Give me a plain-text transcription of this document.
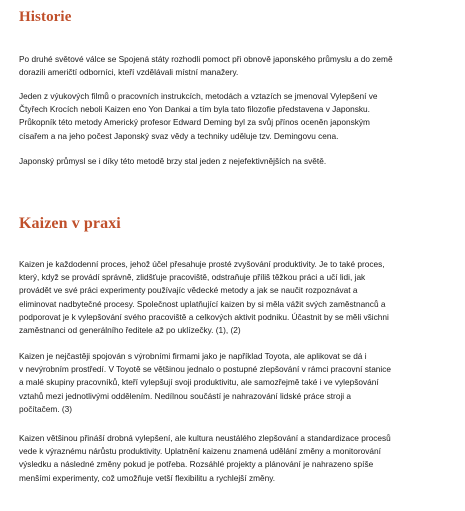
Historie

Po druhé světové válce se Spojená státy rozhodli pomoct při obnově japonského průmyslu a do země
dorazili američtí odborníci, kteří vzdělávali místní manažery.

Jeden z výukových filmů o pracovních instrukcích, metodách a vztazích se jmenoval Vylepšení ve
Čtyřech Krocích neboli Kaizen eno Yon Dankai a tím byla tato filozofie představena v Japonsku.
Průkopník této metody Americký profesor Edward Deming byl za svůj přínos oceněn japonským
císařem a na jeho počest Japonský svaz vědy a techniky uděluje tzv. Demingovu cena.

Japonský průmysl se i díky této metodě brzy stal jeden z nejefektivnějších na světě.

Kaizen v praxi

Kaizen je každodenní proces, jehož účel přesahuje prosté zvyšování produktivity. Je to také proces,
který, když se provádí správně, zlidšťuje pracoviště, odstraňuje příliš těžkou práci a učí lidi, jak
provádět ve své práci experimenty používajíc vědecké metody a jak se naučit rozpoznávat a
eliminovat nadbytečné procesy. Společnost uplatňující kaizen by si měla vážit svých zaměstnanců a
podporovat je k vylepšování svého pracoviště a celkových aktivit podniku. Účastnit by se měli všichni
zaměstnanci od generálního ředitele až po uklízečky. (1), (2)

Kaizen je nejčastěji spojován s výrobními firmami jako je například Toyota, ale aplikovat se dá i
v nevýrobním prostředí. V Toyotě se většinou jednalo o postupné zlepšování v rámci pracovní stanice
a malé skupiny pracovníků, kteří vylepšují svoji produktivitu, ale samozřejmě také i ve vylepšování
vztahů mezi jednotlivými oddělením. Nedílnou součástí je nahrazování lidské práce stroji a
počítačem. (3)

Kaizen většinou přináší drobná vylepšení, ale kultura neustálého zlepšování a standardizace procesů
vede k výraznému nárůstu produktivity. Uplatnění kaizenu znamená udělání změny a monitorování
výsledku a následné změny pokud je potřeba. Rozsáhlé projekty a plánování je nahrazeno spíše
menšími experimenty, což umožňuje vetší flexibilitu a rychlejší změny.
